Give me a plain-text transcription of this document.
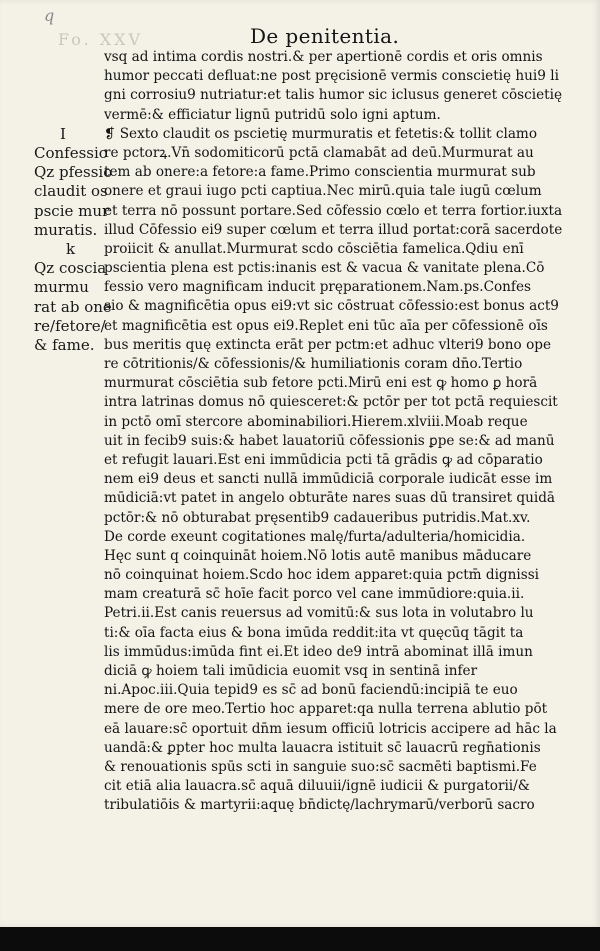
q
Fo. XXV	De penitentia.
I
Confessio
Qz pfessio
claudit os
pscie mur
muratis.
k
Qz coscia
murmu
rat ab one
re/fetore/
& fame.
vsq ad intima cordis nostri.& per apertionē cordis et oris omnis
humor peccati defluat:ne post pręcisionē vermis conscietię hui9 li
gni corrosiu9 nutriatur:et talis humor sic iclusus generet cōscietię
vermē:& efficiatur lignū putridū solo igni aptum.
❡ Sexto claudit os pscietię murmuratis et fetetis:& tollit clamo
re pctorꝝ.Vn̄ sodomiticorū pctā clamabāt ad deū.Murmurat au
tem ab onere:a fetore:a fame.Primo conscientia murmurat sub
onere et graui iugo pcti captiua.Nec mirū.quia tale iugū cœlum
et terra nō possunt portare.Sed cōfessio cœlo et terra fortior.iuxta
illud Cōfessio ei9 super cœlum et terra illud portat:corā sacerdote
proiicit & anullat.Murmurat scdo cōsciētia famelica.Qdiu enī
pscientia plena est pctis:inanis est & vacua & vanitate plena.Cō
fessio vero magnificam inducit pręparationem.Nam.ps.Confes
sio & magnificētia opus ei9:vt sic cōstruat cōfessio:est bonus act9
et magnificētia est opus ei9.Replet eni tūc aīa per cōfessionē oīs
bus meritis quę extincta erāt per pctm:et adhuc vlteri9 bono ope
re cōtritionis/& cōfessionis/& humiliationis coram dn̄o.Tertio
murmurat cōsciētia sub fetore pcti.Mirū eni est ꝙ homo ꝑ horā
intra latrinas domus nō quiesceret:& pctōr per tot pctā requiescit
in pctō omī stercore abominabiliori.Hierem.xlviii.Moab reque
uit in fecib9 suis:& habet lauatoriū cōfessionis ꝑpe se:& ad manū
et refugit lauari.Est eni immūdicia pcti tā grādis ꝙ ad cōparatio
nem ei9 deus et sancti nullā immūdiciā corporale iudicāt esse im
mūdiciā:vt patet in angelo obturāte nares suas dū transiret quidā
pctōr:& nō obturabat pręsentib9 cadaueribus putridis.Mat.xv.
De corde exeunt cogitationes malę/furta/adulteria/homicidia.
Hęc sunt q coinquināt hoiem.Nō lotis autē manibus māducare
nō coinquinat hoiem.Scdo hoc idem apparet:quia pctm̄ dignissi
mam creaturā sc̄ hoīe facit porco vel cane immūdiore:quia.ii.
Petri.ii.Est canis reuersus ad vomitū:& sus lota in volutabro lu
ti:& oīa facta eius & bona imūda reddit:ita vt quęcūq tāgit ta
lis immūdus:imūda fint ei.Et ideo de9 intrā abominat illā imun
diciā ꝙ hoiem tali imūdicia euomit vsq in sentinā infer
ni.Apoc.iii.Quia tepid9 es sc̄ ad bonū faciendū:incipiā te euo
mere de ore meo.Tertio hoc apparet:qa nulla terrena ablutio pōt
eā lauare:sc̄ oportuit dn̄m iesum officiū lotricis accipere ad hāc la
uandā:& ꝑpter hoc multa lauacra istituit sc̄ lauacrū regn̄ationis
& renouationis spūs scti in sanguie suo:sc̄ sacmēti baptismi.Fe
cit etiā alia lauacra.sc̄ aquā diluuii/ignē iudicii & purgatorii/&
tribulatiōis & martyrii:aquę bn̄dictę/lachrymarū/verborū sacro
